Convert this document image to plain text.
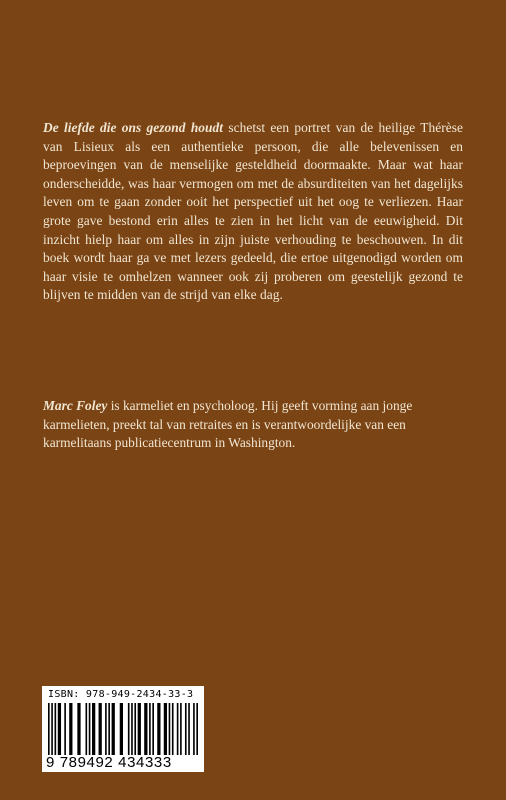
De liefde die ons gezond houdt schetst een portret van de heilige Thérèse van Lisieux als een authentieke persoon, die alle belevenissen en beproevingen van de menselijke gesteldheid doormaakte. Maar wat haar onderscheidde, was haar vermogen om met de absurditeiten van het dagelijks leven om te gaan zonder ooit het perspectief uit het oog te verliezen. Haar grote gave bestond erin alles te zien in het licht van de eeuwigheid. Dit inzicht hielp haar om alles in zijn juiste verhouding te beschouwen. In dit boek wordt haar ga ve met lezers gedeeld, die ertoe uitgenodigd worden om haar visie te omhelzen wanneer ook zij proberen om geestelijk gezond te blijven te midden van de strijd van elke dag.
Marc Foley is karmeliet en psycholoog. Hij geeft vorming aan jonge karmelieten, preekt tal van retraites en is verantwoordelijke van een karmelitaans publicatiecentrum in Washington.
ISBN: 978-949-2434-33-3
9 789492 434333
